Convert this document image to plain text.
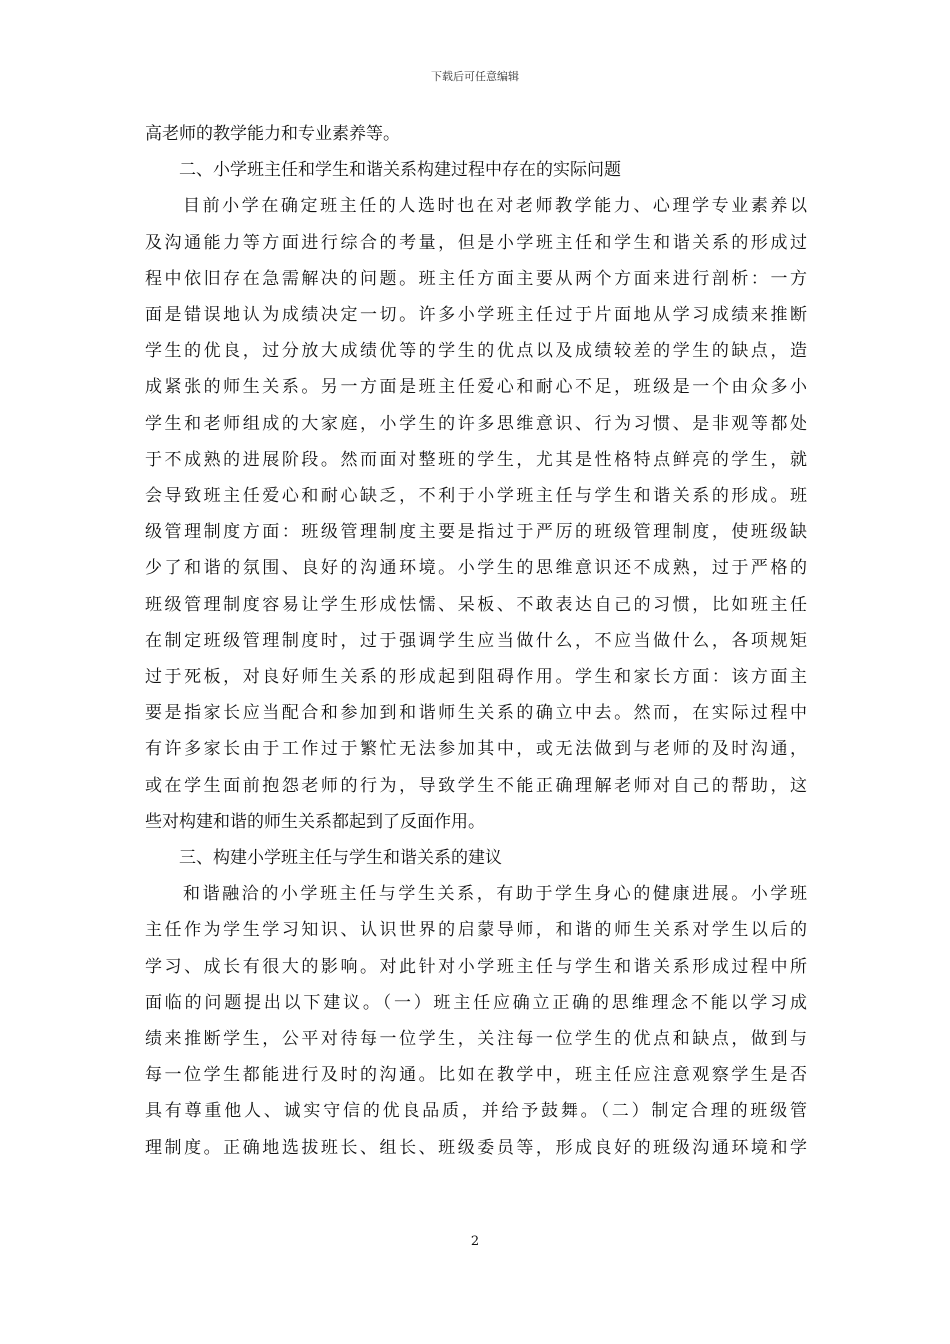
下载后可任意编辑
高老师的教学能力和专业素养等。
二、小学班主任和学生和谐关系构建过程中存在的实际问题
目前小学在确定班主任的人选时也在对老师教学能力、心理学专业素养以
及沟通能力等方面进行综合的考量，但是小学班主任和学生和谐关系的形成过
程中依旧存在急需解决的问题。班主任方面主要从两个方面来进行剖析：一方
面是错误地认为成绩决定一切。许多小学班主任过于片面地从学习成绩来推断
学生的优良，过分放大成绩优等的学生的优点以及成绩较差的学生的缺点，造
成紧张的师生关系。另一方面是班主任爱心和耐心不足，班级是一个由众多小
学生和老师组成的大家庭，小学生的许多思维意识、行为习惯、是非观等都处
于不成熟的进展阶段。然而面对整班的学生，尤其是性格特点鲜亮的学生，就
会导致班主任爱心和耐心缺乏，不利于小学班主任与学生和谐关系的形成。班
级管理制度方面：班级管理制度主要是指过于严厉的班级管理制度，使班级缺
少了和谐的氛围、良好的沟通环境。小学生的思维意识还不成熟，过于严格的
班级管理制度容易让学生形成怯懦、呆板、不敢表达自己的习惯，比如班主任
在制定班级管理制度时，过于强调学生应当做什么，不应当做什么，各项规矩
过于死板，对良好师生关系的形成起到阻碍作用。学生和家长方面：该方面主
要是指家长应当配合和参加到和谐师生关系的确立中去。然而，在实际过程中
有许多家长由于工作过于繁忙无法参加其中，或无法做到与老师的及时沟通，
或在学生面前抱怨老师的行为，导致学生不能正确理解老师对自己的帮助，这
些对构建和谐的师生关系都起到了反面作用。
三、构建小学班主任与学生和谐关系的建议
和谐融洽的小学班主任与学生关系，有助于学生身心的健康进展。小学班
主任作为学生学习知识、认识世界的启蒙导师，和谐的师生关系对学生以后的
学习、成长有很大的影响。对此针对小学班主任与学生和谐关系形成过程中所
面临的问题提出以下建议。（一）班主任应确立正确的思维理念不能以学习成
绩来推断学生，公平对待每一位学生，关注每一位学生的优点和缺点，做到与
每一位学生都能进行及时的沟通。比如在教学中，班主任应注意观察学生是否
具有尊重他人、诚实守信的优良品质，并给予鼓舞。（二）制定合理的班级管
理制度。正确地选拔班长、组长、班级委员等，形成良好的班级沟通环境和学
2
